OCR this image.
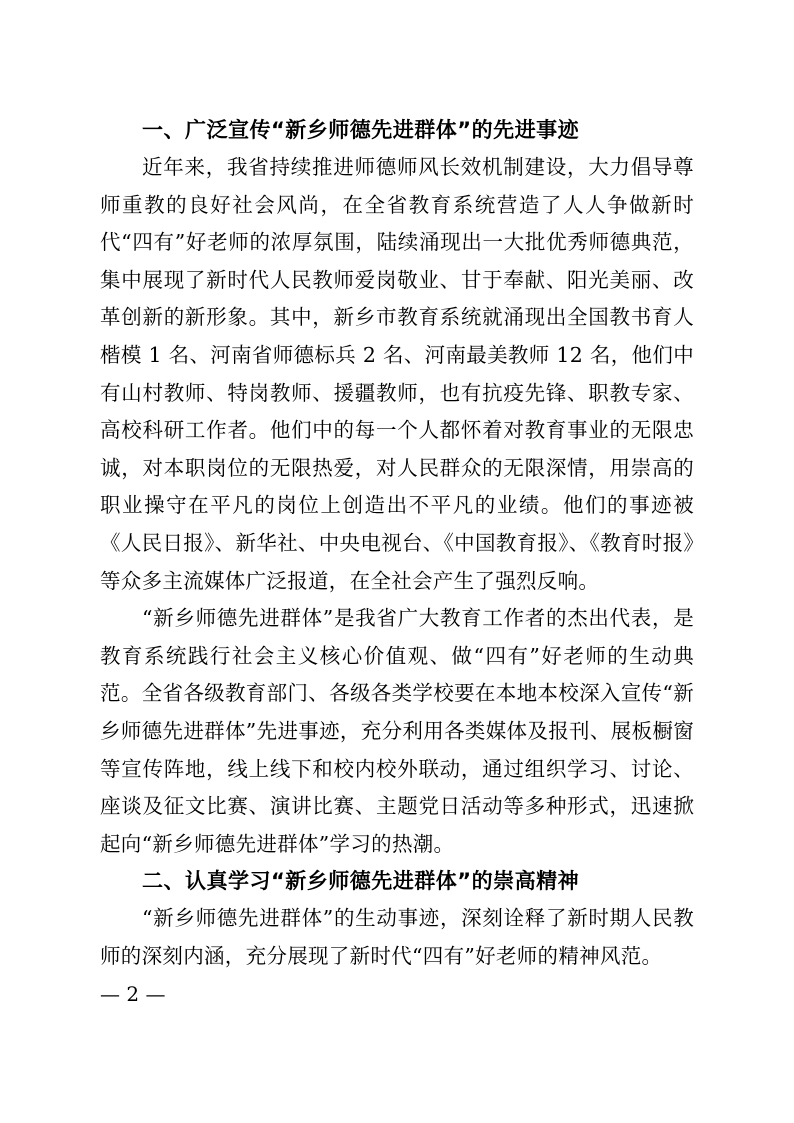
一、广泛宣传“新乡师德先进群体”的先进事迹

近年来，我省持续推进师德师风长效机制建设，大力倡导尊师重教的良好社会风尚，在全省教育系统营造了人人争做新时代“四有”好老师的浓厚氛围，陆续涌现出一大批优秀师德典范，集中展现了新时代人民教师爱岗敬业、甘于奉献、阳光美丽、改革创新的新形象。其中，新乡市教育系统就涌现出全国教书育人楷模 1 名、河南省师德标兵 2 名、河南最美教师 12 名，他们中有山村教师、特岗教师、援疆教师，也有抗疫先锋、职教专家、高校科研工作者。他们中的每一个人都怀着对教育事业的无限忠诚，对本职岗位的无限热爱，对人民群众的无限深情，用崇高的职业操守在平凡的岗位上创造出不平凡的业绩。他们的事迹被《人民日报》、新华社、中央电视台、《中国教育报》、《教育时报》等众多主流媒体广泛报道，在全社会产生了强烈反响。

“新乡师德先进群体”是我省广大教育工作者的杰出代表，是教育系统践行社会主义核心价值观、做“四有”好老师的生动典范。全省各级教育部门、各级各类学校要在本地本校深入宣传“新乡师德先进群体”先进事迹，充分利用各类媒体及报刊、展板橱窗等宣传阵地，线上线下和校内校外联动，通过组织学习、讨论、座谈及征文比赛、演讲比赛、主题党日活动等多种形式，迅速掀起向“新乡师德先进群体”学习的热潮。

二、认真学习“新乡师德先进群体”的崇高精神

“新乡师德先进群体”的生动事迹，深刻诠释了新时期人民教师的深刻内涵，充分展现了新时代“四有”好老师的精神风范。

— 2 —
